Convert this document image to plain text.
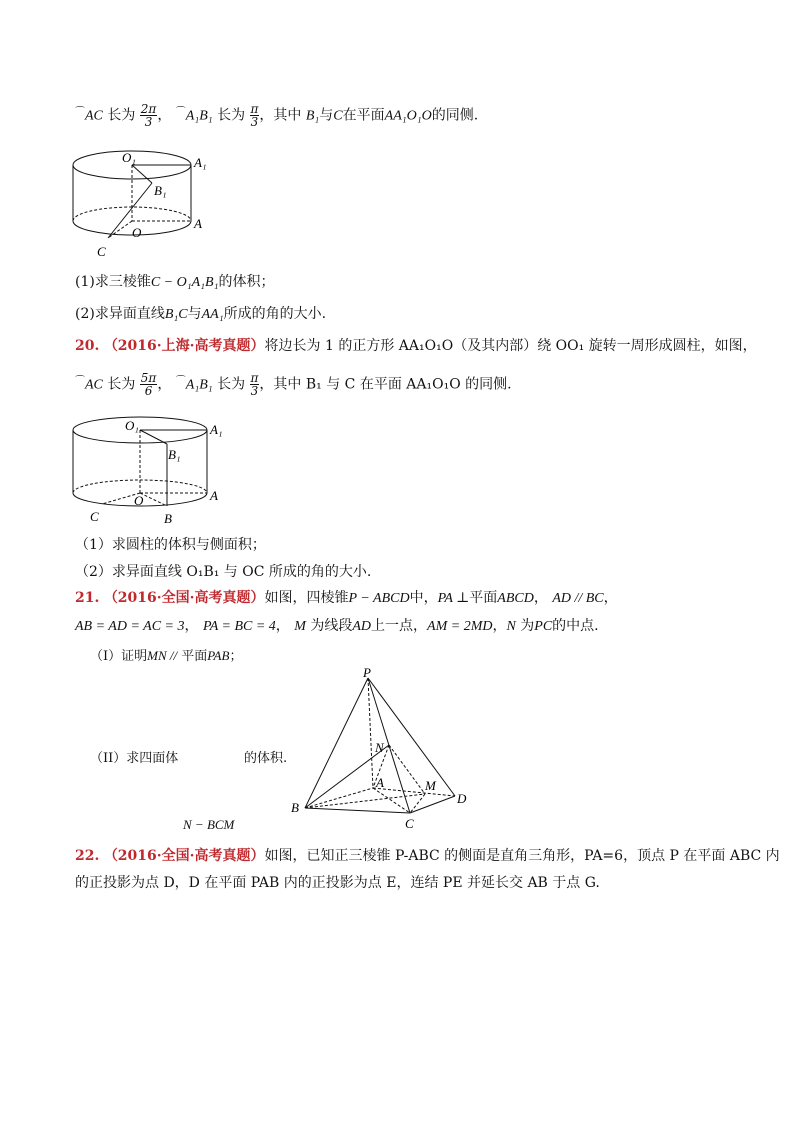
⌒AC 长为 $\frac{2\pi}{3}$ ， ⌒A₁B₁ 长为 $\frac{\pi}{3}$ ，其中 B₁与C在平面AA₁O₁O的同侧.
O₁	A₁
B₁
A
O
C
(1)求三棱锥C − O₁A₁B₁的体积；
(2)求异面直线B₁C与AA₁所成的角的大小.
20. （2016·上海·高考真题）将边长为 1 的正方形 AA₁O₁O（及其内部）绕 OO₁ 旋转一周形成圆柱，如图，
⌒AC 长为 $\frac{5\pi}{6}$ ， ⌒A₁B₁ 长为 $\frac{\pi}{3}$ ，其中 B₁ 与 C 在平面 AA₁O₁O 的同侧.
O₁	A₁
B₁
A
O
C	B
（1）求圆柱的体积与侧面积；
（2）求异面直线 O₁B₁ 与 OC 所成的角的大小.
21. （2016·全国·高考真题）如图，四棱锥P − ABCD中，PA ⊥平面ABCD， AD // BC，
AB = AD = AC = 3， PA = BC = 4， M 为线段AD上一点，AM = 2MD，N 为PC的中点.
（I）证明MN // 平面PAB；
（II）求四面体	的体积.
N − BCM
P
N
A	M
B
C
D
22. （2016·全国·高考真题）如图，已知正三棱锥 P-ABC 的侧面是直角三角形，PA=6，顶点 P 在平面 ABC 内
的正投影为点 D，D 在平面 PAB 内的正投影为点 E，连结 PE 并延长交 AB 于点 G.
